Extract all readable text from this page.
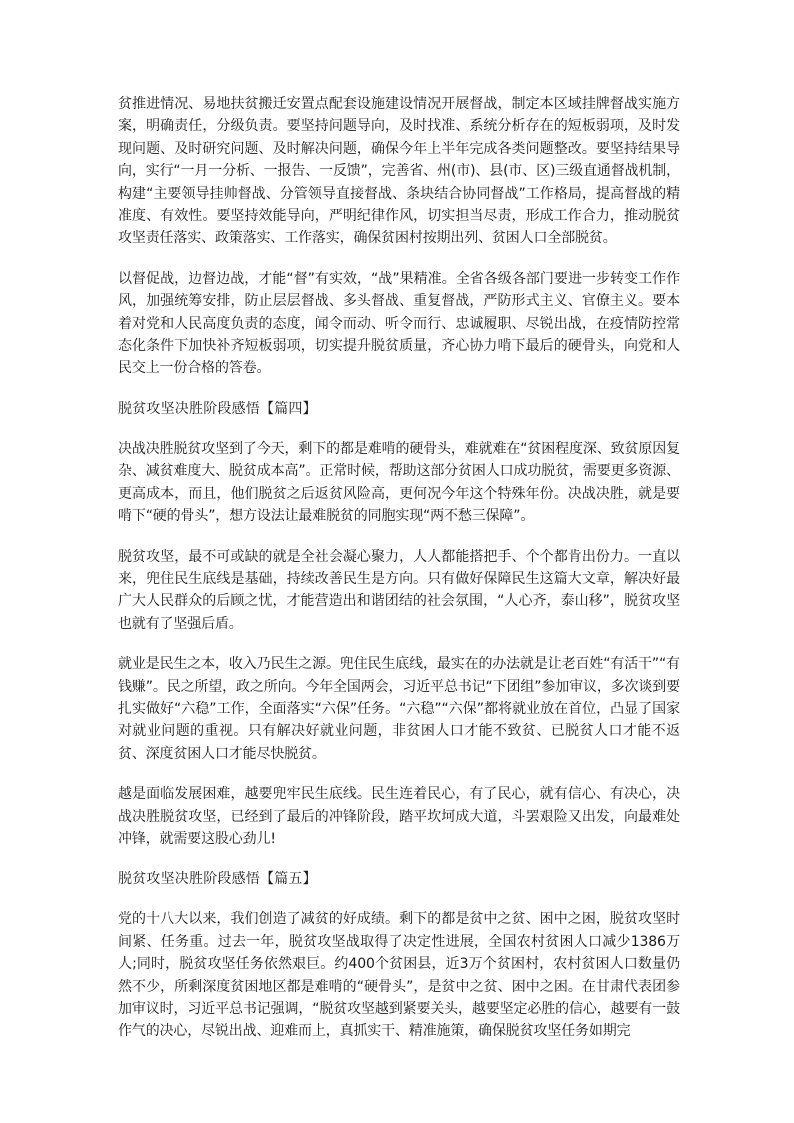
贫推进情况、易地扶贫搬迁安置点配套设施建设情况开展督战，制定本区域挂牌督战实施方案，明确责任，分级负责。要坚持问题导向，及时找准、系统分析存在的短板弱项，及时发现问题、及时研究问题、及时解决问题，确保今年上半年完成各类问题整改。要坚持结果导向，实行“一月一分析、一报告、一反馈”，完善省、州(市)、县(市、区)三级直通督战机制，构建“主要领导挂帅督战、分管领导直接督战、条块结合协同督战”工作格局，提高督战的精准度、有效性。要坚持效能导向，严明纪律作风，切实担当尽责，形成工作合力，推动脱贫攻坚责任落实、政策落实、工作落实，确保贫困村按期出列、贫困人口全部脱贫。

以督促战，边督边战，才能“督”有实效，“战”果精准。全省各级各部门要进一步转变工作作风，加强统筹安排，防止层层督战、多头督战、重复督战，严防形式主义、官僚主义。要本着对党和人民高度负责的态度，闻令而动、听令而行、忠诚履职、尽锐出战，在疫情防控常态化条件下加快补齐短板弱项，切实提升脱贫质量，齐心协力啃下最后的硬骨头，向党和人民交上一份合格的答卷。

脱贫攻坚决胜阶段感悟【篇四】

决战决胜脱贫攻坚到了今天，剩下的都是难啃的硬骨头，难就难在“贫困程度深、致贫原因复杂、减贫难度大、脱贫成本高”。正常时候，帮助这部分贫困人口成功脱贫，需要更多资源、更高成本，而且，他们脱贫之后返贫风险高，更何况今年这个特殊年份。决战决胜，就是要啃下“硬的骨头”，想方设法让最难脱贫的同胞实现“两不愁三保障”。

脱贫攻坚，最不可或缺的就是全社会凝心聚力，人人都能搭把手、个个都肯出份力。一直以来，兜住民生底线是基础，持续改善民生是方向。只有做好保障民生这篇大文章，解决好最广大人民群众的后顾之忧，才能营造出和谐团结的社会氛围，“人心齐，泰山移”，脱贫攻坚也就有了坚强后盾。

就业是民生之本，收入乃民生之源。兜住民生底线，最实在的办法就是让老百姓“有活干”“有钱赚”。民之所望，政之所向。今年全国两会，习近平总书记“下团组”参加审议，多次谈到要扎实做好“六稳”工作，全面落实“六保”任务。“六稳”“六保”都将就业放在首位，凸显了国家对就业问题的重视。只有解决好就业问题，非贫困人口才能不致贫、已脱贫人口才能不返贫、深度贫困人口才能尽快脱贫。

越是面临发展困难，越要兜牢民生底线。民生连着民心，有了民心，就有信心、有决心，决战决胜脱贫攻坚，已经到了最后的冲锋阶段，踏平坎坷成大道，斗罢艰险又出发，向最难处冲锋，就需要这股心劲儿!

脱贫攻坚决胜阶段感悟【篇五】

党的十八大以来，我们创造了减贫的好成绩。剩下的都是贫中之贫、困中之困，脱贫攻坚时间紧、任务重。过去一年，脱贫攻坚战取得了决定性进展，全国农村贫困人口减少1386万人;同时，脱贫攻坚任务依然艰巨。约400个贫困县，近3万个贫困村，农村贫困人口数量仍然不少，所剩深度贫困地区都是难啃的“硬骨头”，是贫中之贫、困中之困。在甘肃代表团参加审议时，习近平总书记强调，“脱贫攻坚越到紧要关头，越要坚定必胜的信心，越要有一鼓作气的决心，尽锐出战、迎难而上，真抓实干、精准施策，确保脱贫攻坚任务如期完
